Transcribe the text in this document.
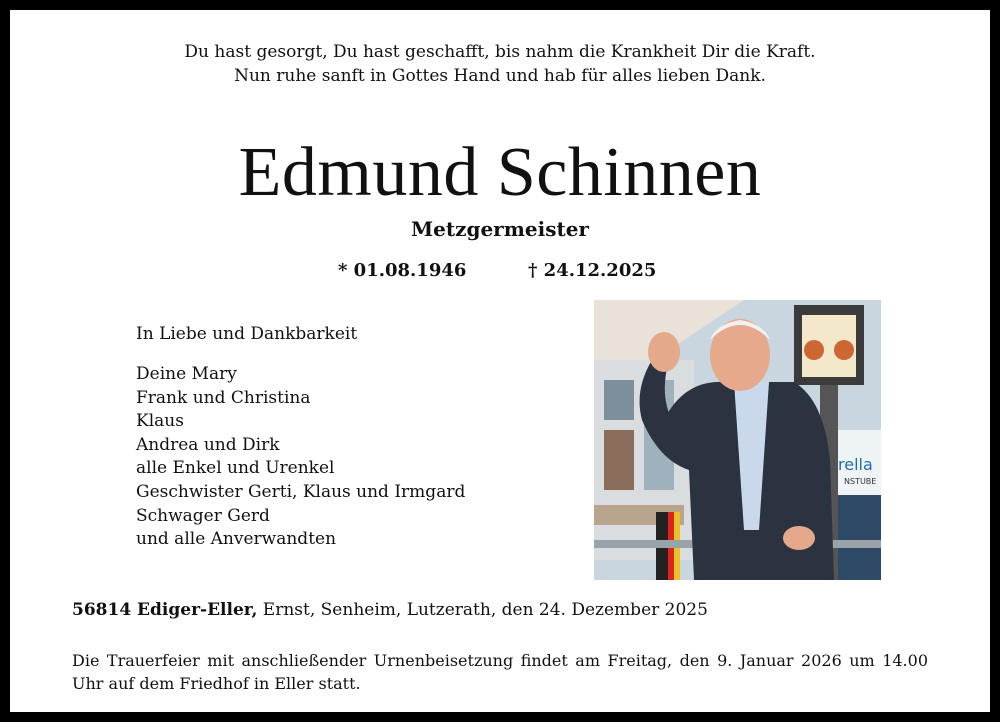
Du hast gesorgt, Du hast geschafft, bis nahm die Krankheit Dir die Kraft.
Nun ruhe sanft in Gottes Hand und hab für alles lieben Dank.
Edmund Schinnen
Metzgermeister
* 01.08.1946	† 24.12.2025
In Liebe und Dankbarkeit
Deine Mary
Frank und Christina
Klaus
Andrea und Dirk
alle Enkel und Urenkel
Geschwister Gerti, Klaus und Irmgard
Schwager Gerd
und alle Anverwandten
rella
NSTUBE
56814 Ediger-Eller, Ernst, Senheim, Lutzerath, den 24. Dezember 2025
Die Trauerfeier mit anschließender Urnenbeisetzung findet am Freitag, den 9. Januar 2026 um 14.00 Uhr auf dem Friedhof in Eller statt.
